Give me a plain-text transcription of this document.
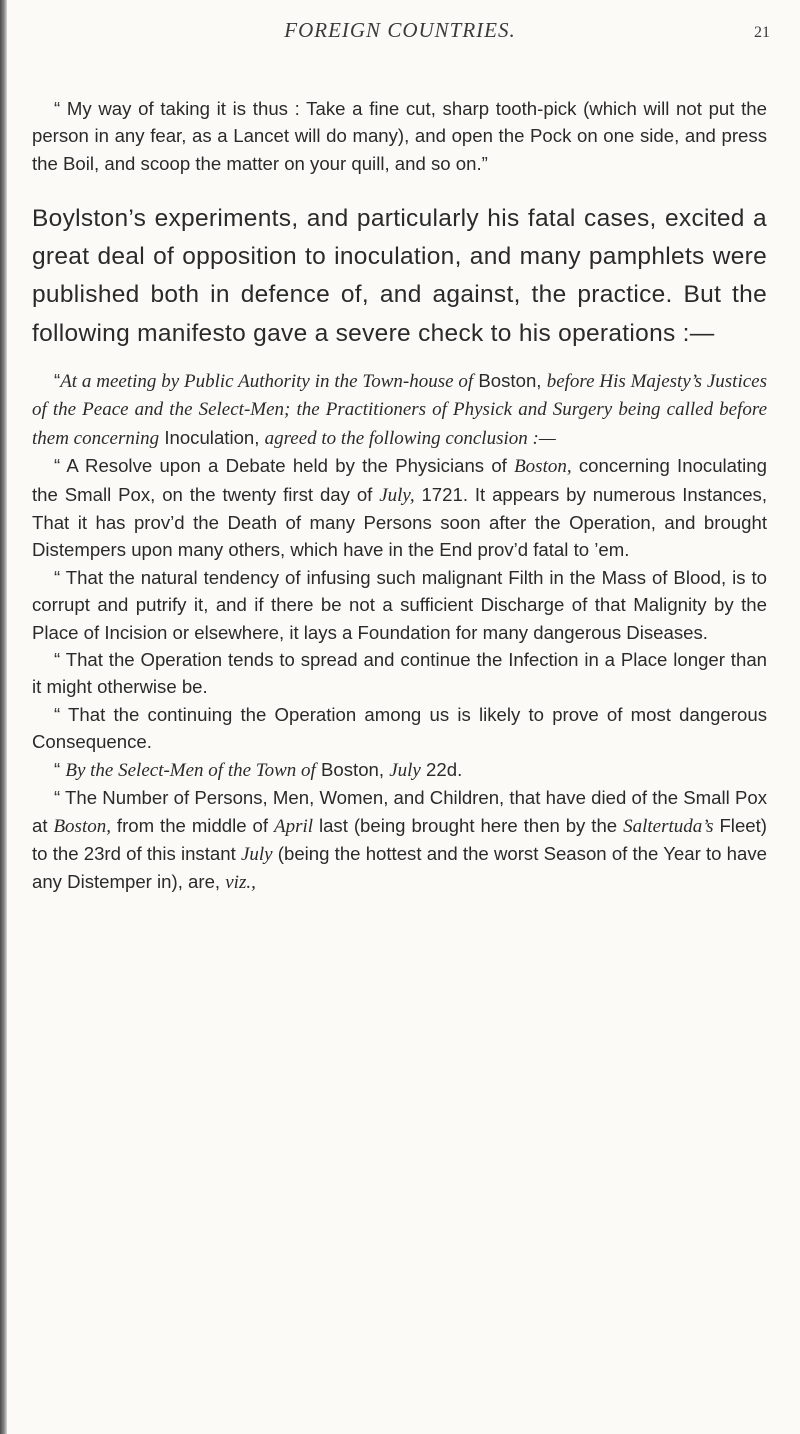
FOREIGN COUNTRIES.	21

“ My way of taking it is thus : Take a fine cut, sharp tooth-pick (which will not put the person in any fear, as a Lancet will do many), and open the Pock on one side, and press the Boil, and scoop the matter on your quill, and so on.”

Boylston’s experiments, and particularly his fatal cases, excited a great deal of opposition to inoculation, and many pamphlets were published both in defence of, and against, the practice. But the following manifesto gave a severe check to his operations :—

“At a meeting by Public Authority in the Town-house of Boston, before His Majesty’s Justices of the Peace and the Select-Men; the Practitioners of Physick and Surgery being called before them concerning Inoculation, agreed to the following conclusion :—

“ A Resolve upon a Debate held by the Physicians of Boston, concerning Inoculating the Small Pox, on the twenty first day of July, 1721. It appears by numerous Instances, That it has prov’d the Death of many Persons soon after the Operation, and brought Distempers upon many others, which have in the End prov’d fatal to ’em.

“ That the natural tendency of infusing such malignant Filth in the Mass of Blood, is to corrupt and putrify it, and if there be not a sufficient Discharge of that Malignity by the Place of Incision or elsewhere, it lays a Foundation for many dangerous Diseases.

“ That the Operation tends to spread and continue the Infection in a Place longer than it might otherwise be.

“ That the continuing the Operation among us is likely to prove of most dangerous Consequence.

“ By the Select-Men of the Town of Boston, July 22d.

“ The Number of Persons, Men, Women, and Children, that have died of the Small Pox at Boston, from the middle of April last (being brought here then by the Saltertuda’s Fleet) to the 23rd of this instant July (being the hottest and the worst Season of the Year to have any Distemper in), are, viz.,
